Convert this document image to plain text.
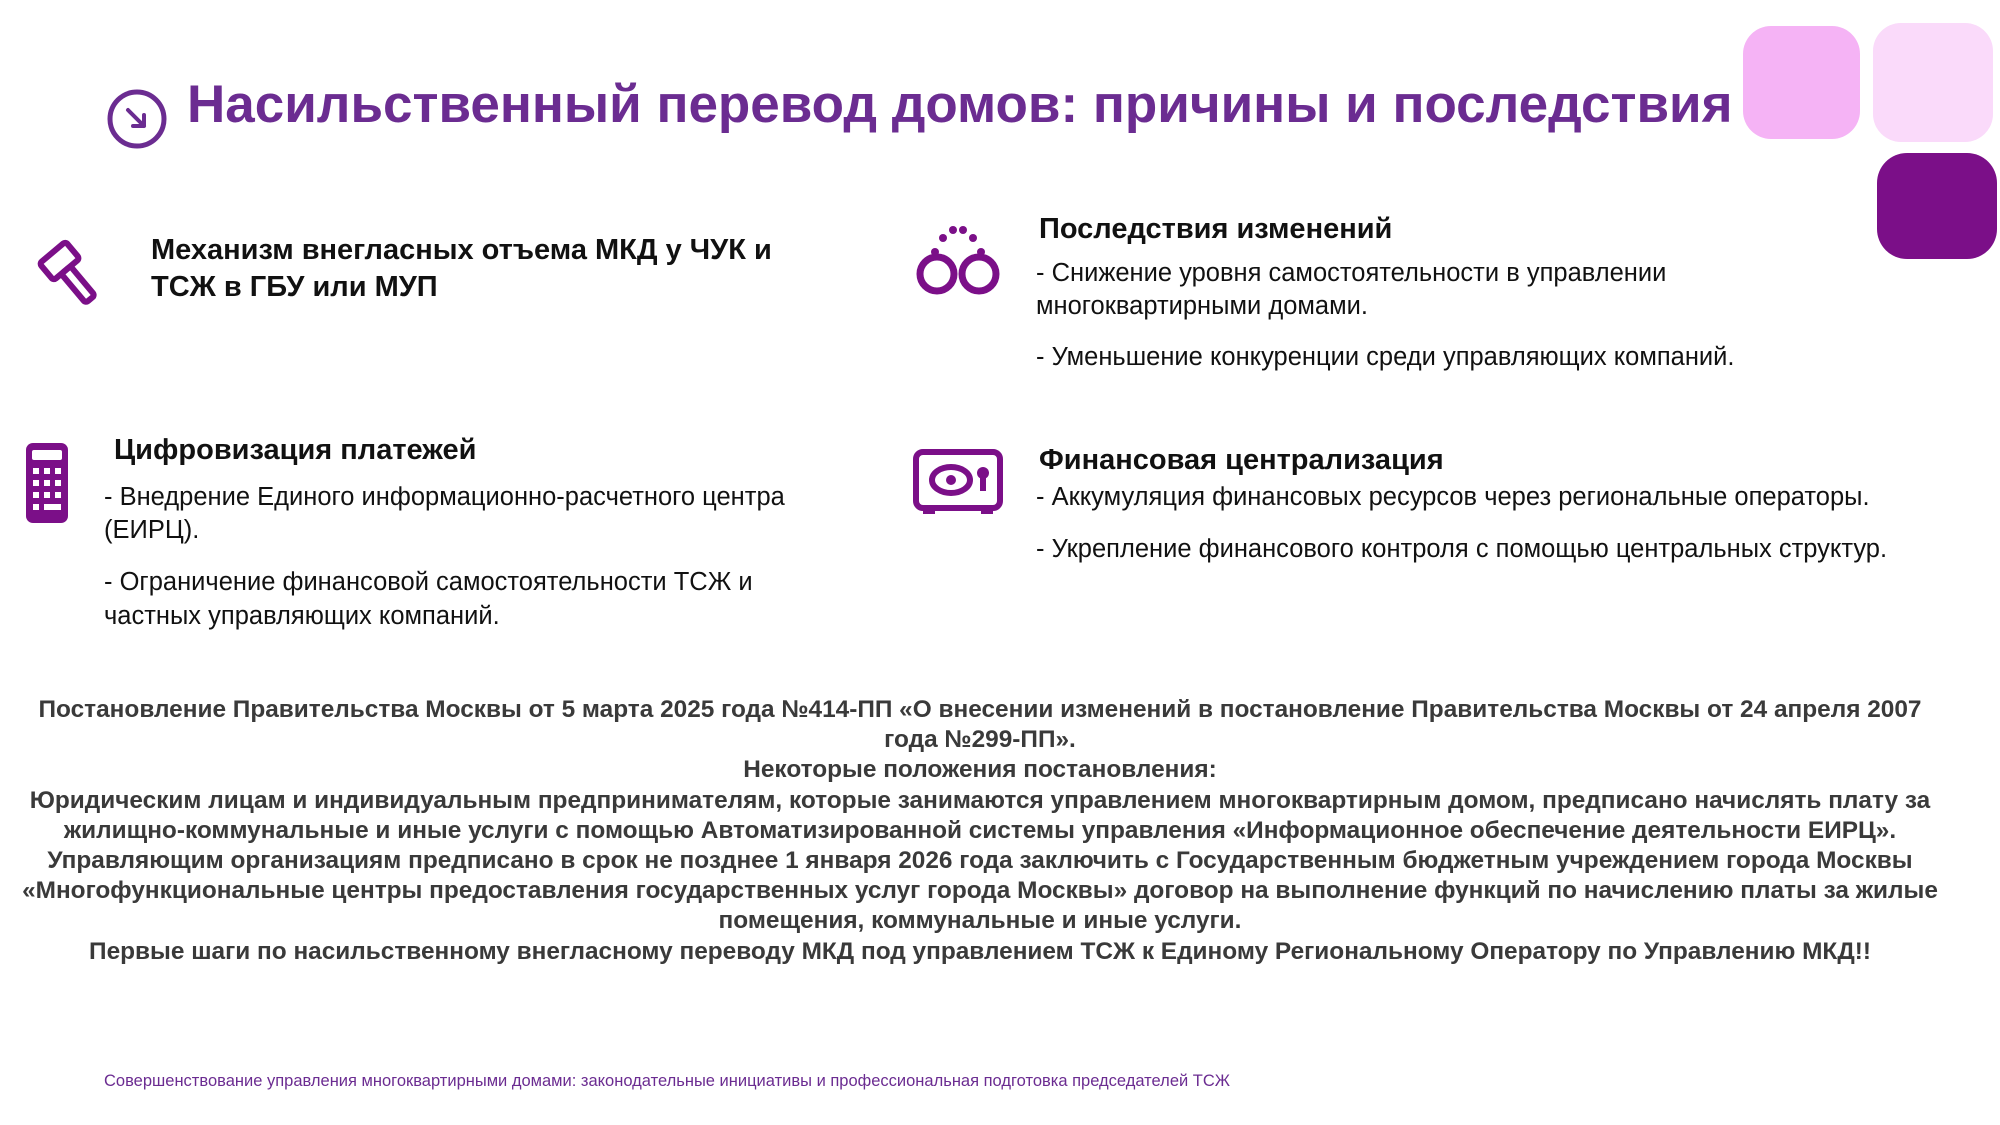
Насильственный перевод домов: причины и последствия
Механизм внегласных отъема МКД у ЧУК и
ТСЖ в ГБУ или МУП
Последствия изменений
- Снижение уровня самостоятельности в управлении
многоквартирными домами.
- Уменьшение конкуренции среди управляющих компаний.
Цифровизация платежей
- Внедрение Единого информационно-расчетного центра
(ЕИРЦ).
- Ограничение финансовой самостоятельности ТСЖ и
частных управляющих компаний.
Финансовая централизация
- Аккумуляция финансовых ресурсов через региональные операторы.
- Укрепление финансового контроля с помощью центральных структур.

Постановление Правительства Москвы от 5 марта 2025 года №414-ПП «О внесении изменений в постановление Правительства Москвы от 24 апреля 2007 года №299-ПП».

Некоторые положения постановления:

Юридическим лицам и индивидуальным предпринимателям, которые занимаются управлением многоквартирным домом, предписано начислять плату за жилищно-коммунальные и иные услуги с помощью Автоматизированной системы управления «Информационное обеспечение деятельности ЕИРЦ».

Управляющим организациям предписано в срок не позднее 1 января 2026 года заключить с Государственным бюджетным учреждением города Москвы «Многофункциональные центры предоставления государственных услуг города Москвы» договор на выполнение функций по начислению платы за жилые помещения, коммунальные и иные услуги.

Первые шаги по насильственному внегласному переводу МКД под управлением ТСЖ к Единому Региональному Оператору по Управлению МКД!!

Совершенствование управления многоквартирными домами: законодательные инициативы и профессиональная подготовка председателей ТСЖ
